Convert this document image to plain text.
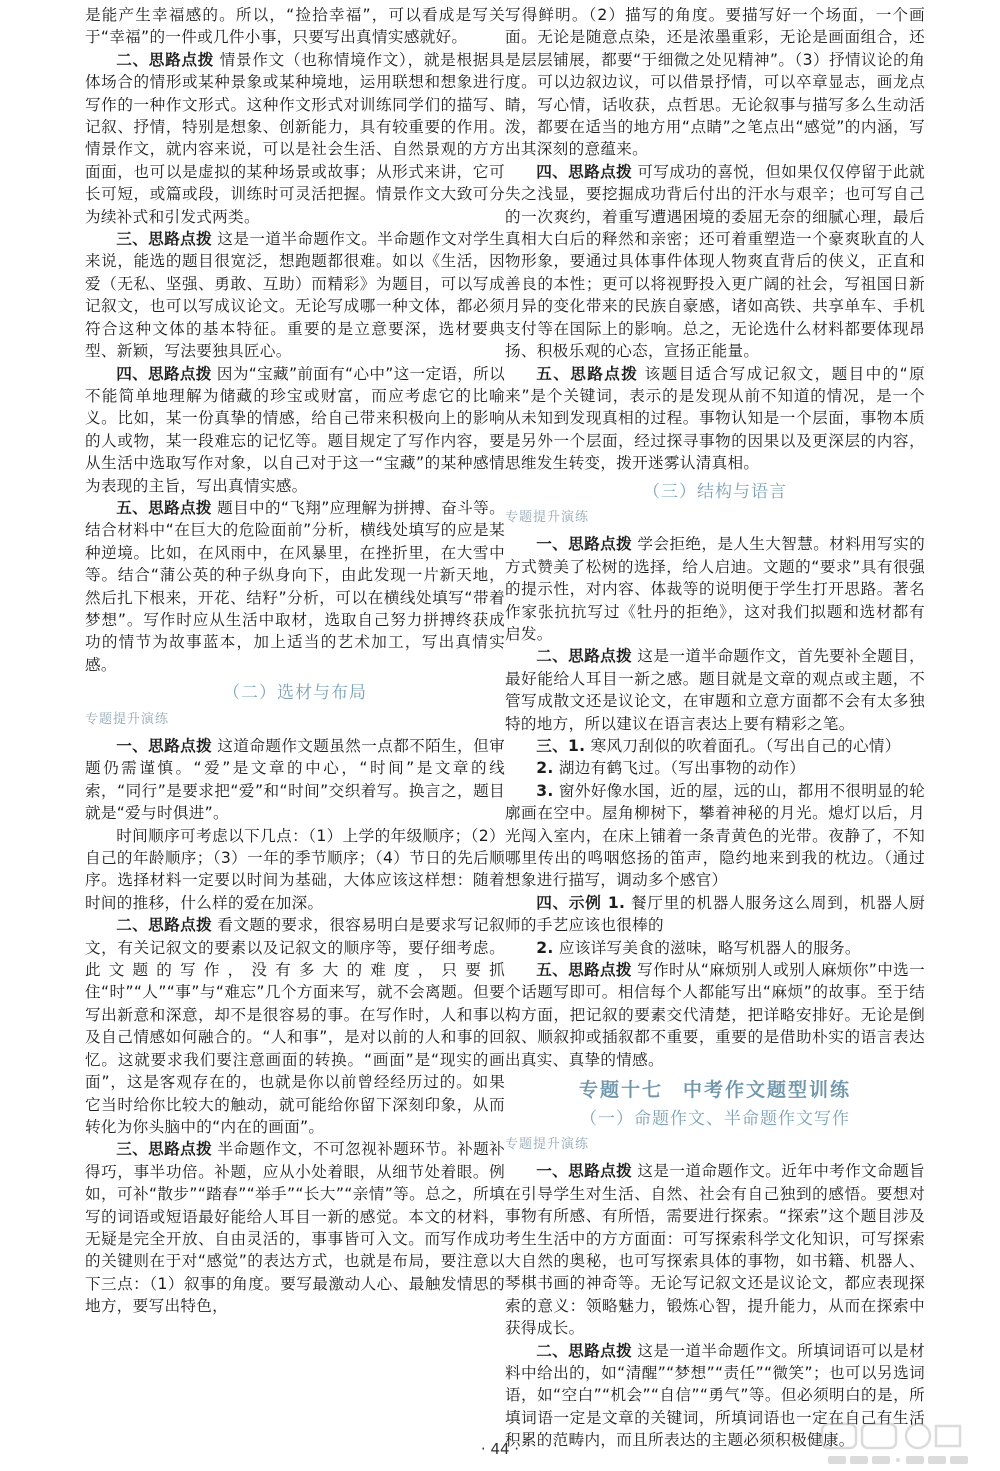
是能产生幸福感的。所以，“捡拾幸福”，可以看成是写关于“幸福”的一件或几件小事，只要写出真情实感就好。

二、思路点拨 情景作文（也称情境作文），就是根据具体场合的情形或某种景象或某种境地，运用联想和想象进行写作的一种作文形式。这种作文形式对训练同学们的描写、记叙、抒情，特别是想象、创新能力，具有较重要的作用。情景作文，就内容来说，可以是社会生活、自然景观的方方面面，也可以是虚拟的某种场景或故事；从形式来讲，它可长可短，或篇或段，训练时可灵活把握。情景作文大致可分为续补式和引发式两类。

三、思路点拨 这是一道半命题作文。半命题作文对学生来说，能选的题目很宽泛，想跑题都很难。如以《生活，因爱（无私、坚强、勇敢、互助）而精彩》为题目，可以写成记叙文，也可以写成议论文。无论写成哪一种文体，都必须符合这种文体的基本特征。重要的是立意要深，选材要典型、新颖，写法要独具匠心。

四、思路点拨 因为“宝藏”前面有“心中”这一定语，所以不能简单地理解为储藏的珍宝或财富，而应考虑它的比喻义。比如，某一份真挚的情感，给自己带来积极向上的影响的人或物，某一段难忘的记忆等。题目规定了写作内容，要从生活中选取写作对象，以自己对于这一“宝藏”的某种感情为表现的主旨，写出真情实感。

五、思路点拨 题目中的“飞翔”应理解为拼搏、奋斗等。结合材料中“在巨大的危险面前”分析，横线处填写的应是某种逆境。比如，在风雨中，在风暴里，在挫折里，在大雪中等。结合“蒲公英的种子纵身向下，由此发现一片新天地，然后扎下根来，开花、结籽”分析，可以在横线处填写“带着梦想”。写作时应从生活中取材，选取自己努力拼搏终获成功的情节为故事蓝本，加上适当的艺术加工，写出真情实感。

（二）选材与布局
专题提升演练

一、思路点拨 这道命题作文题虽然一点都不陌生，但审题仍需谨慎。“爱”是文章的中心，“时间”是文章的线索，“同行”是要求把“爱”和“时间”交织着写。换言之，题目就是“爱与时俱进”。

时间顺序可考虑以下几点：（1）上学的年级顺序；（2）自己的年龄顺序；（3）一年的季节顺序；（4）节日的先后顺序。选择材料一定要以时间为基础，大体应该这样想：随着时间的推移，什么样的爱在加深。

二、思路点拨 看文题的要求，很容易明白是要求写记叙文，有关记叙文的要素以及记叙文的顺序等，要仔细考虑。此文题的写作，没有多大的难度，只要抓住“时”“人”“事”与“难忘”几个方面来写，就不会离题。但要写出新意和深意，却不是很容易的事。在写作时，人和事以及自己情感如何融合的。“人和事”，是对以前的人和事的回忆。这就要求我们要注意画面的转换。“画面”是“现实的画面”，这是客观存在的，也就是你以前曾经经历过的。如果它当时给你比较大的触动，就可能给你留下深刻印象，从而转化为你头脑中的“内在的画面”。

三、思路点拨 半命题作文，不可忽视补题环节。补题补得巧，事半功倍。补题，应从小处着眼，从细节处着眼。例如，可补“散步”“踏春”“举手”“长大”“亲情”等。总之，所填写的词语或短语最好能给人耳目一新的感觉。本文的材料，无疑是完全开放、自由灵活的，事事皆可入文。而写作成功的关键则在于对“感觉”的表达方式，也就是布局，要注意以下三点：（1）叙事的角度。要写最激动人心、最触发情思的地方，要写出特色，

写得鲜明。（2）描写的角度。要描写好一个场面，一个画面。无论是随意点染，还是浓墨重彩，无论是画面组合，还是层层铺展，都要“于细微之处见精神”。（3）抒情议论的角度。可以边叙边议，可以借景抒情，可以卒章显志，画龙点睛，写心情，话收获，点哲思。无论叙事与描写多么生动活泼，都要在适当的地方用“点睛”之笔点出“感觉”的内涵，写出其深刻的意蕴来。

四、思路点拨 可写成功的喜悦，但如果仅仅停留于此就失之浅显，要挖掘成功背后付出的汗水与艰辛；也可写自己的一次爽约，着重写遭遇困境的委屈无奈的细腻心理，最后真相大白后的释然和亲密；还可着重塑造一个豪爽耿直的人物形象，要通过具体事件体现人物爽直背后的侠义，正直和善良的本性；更可以将视野投入更广阔的社会，写祖国日新月异的变化带来的民族自豪感，诸如高铁、共享单车、手机支付等在国际上的影响。总之，无论选什么材料都要体现昂扬、积极乐观的心态，宣扬正能量。

五、思路点拨 该题目适合写成记叙文，题目中的“原来”是个关键词，表示的是发现从前不知道的情况，是一个从未知到发现真相的过程。事物认知是一个层面，事物本质是另外一个层面，经过探寻事物的因果以及更深层的内容，思维发生转变，拨开迷雾认清真相。

（三）结构与语言
专题提升演练

一、思路点拨 学会拒绝，是人生大智慧。材料用写实的方式赞美了松树的选择，给人启迪。文题的“要求”具有很强的提示性，对内容、体裁等的说明便于学生打开思路。著名作家张抗抗写过《牡丹的拒绝》，这对我们拟题和选材都有启发。

二、思路点拨 这是一道半命题作文，首先要补全题目，最好能给人耳目一新之感。题目就是文章的观点或主题，不管写成散文还是议论文，在审题和立意方面都不会有太多独特的地方，所以建议在语言表达上要有精彩之笔。

三、1. 寒风刀刮似的吹着面孔。（写出自己的心情）

2. 湖边有鹤飞过。（写出事物的动作）

3. 窗外好像水国，近的屋，远的山，都用不很明显的轮廓画在空中。屋角柳树下，攀着神秘的月光。熄灯以后，月光闯入室内，在床上铺着一条青黄色的光带。夜静了，不知哪里传出的鸣咽悠扬的笛声，隐约地来到我的枕边。（通过想象进行描写，调动多个感官）

四、示例 1. 餐厅里的机器人服务这么周到，机器人厨师的手艺应该也很棒的

2. 应该详写美食的滋味，略写机器人的服务。

五、思路点拨 写作时从“麻烦别人或别人麻烦你”中选一个话题写即可。相信每个人都能写出“麻烦”的故事。至于结构方面，把记叙的要素交代清楚，把详略安排好。无论是倒叙、顺叙抑或插叙都不重要，重要的是借助朴实的语言表达出真实、真挚的情感。

专题十七 中考作文题型训练
（一）命题作文、半命题作文写作
专题提升演练

一、思路点拨 这是一道命题作文。近年中考作文命题旨在引导学生对生活、自然、社会有自己独到的感悟。要想对事物有所感、有所悟，需要进行探索。“探索”这个题目涉及考生生活中的方方面面：可写探索科学文化知识，可写探索大自然的奥秘，也可写探索具体的事物，如书籍、机器人、琴棋书画的神奇等。无论写记叙文还是议论文，都应表现探索的意义：领略魅力，锻炼心智，提升能力，从而在探索中获得成长。

二、思路点拨 这是一道半命题作文。所填词语可以是材料中给出的，如“清醒”“梦想”“责任”“微笑”；也可以另选词语，如“空白”“机会”“自信”“勇气”等。但必须明白的是，所填词语一定是文章的关键词，所填词语也一定在自己有生活积累的范畴内，而且所表达的主题必须积极健康。

· 44 ·
